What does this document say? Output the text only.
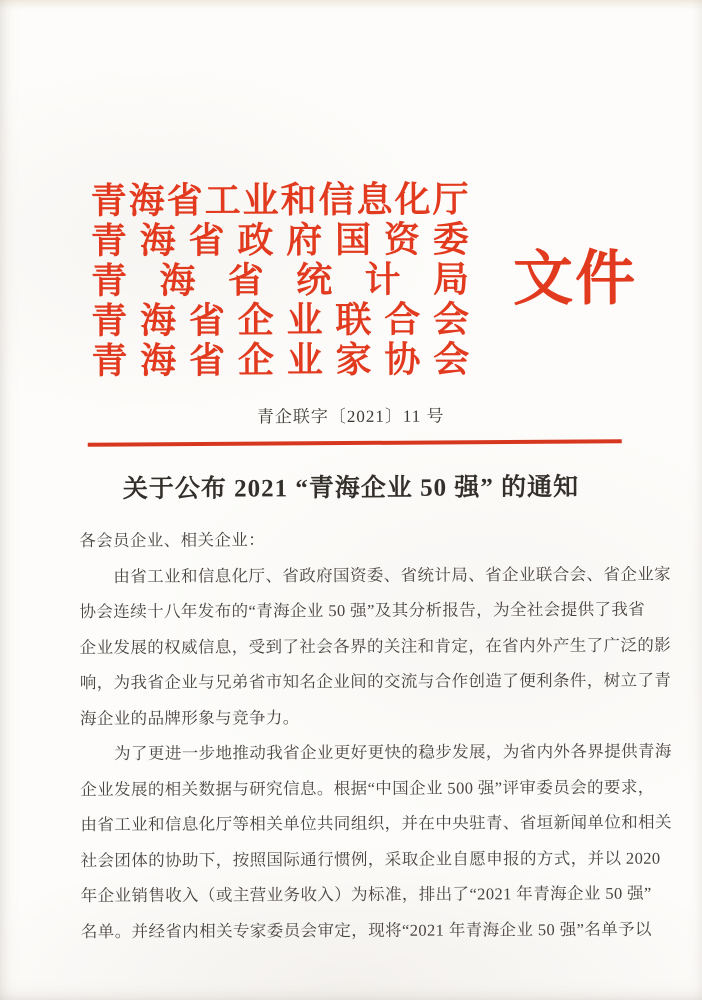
青 海 省 工 业 和 信 息 化 厅
青 海 省 政 府 国 资 委
青 海 省 统 计 局
青 海 省 企 业 联 合 会
青 海 省 企 业 家 协 会
文件
青企联字〔2021〕11 号
关于公布 2021 “青海企业 50 强” 的通知
各会员企业、相关企业：
由省工业和信息化厅、省政府国资委、省统计局、省企业联合会、省企业家
协会连续十八年发布的“青海企业 50 强”及其分析报告，为全社会提供了我省
企业发展的权威信息，受到了社会各界的关注和肯定，在省内外产生了广泛的影
响，为我省企业与兄弟省市知名企业间的交流与合作创造了便利条件，树立了青
海企业的品牌形象与竞争力。
为了更进一步地推动我省企业更好更快的稳步发展，为省内外各界提供青海
企业发展的相关数据与研究信息。根据“中国企业 500 强”评审委员会的要求，
由省工业和信息化厅等相关单位共同组织，并在中央驻青、省垣新闻单位和相关
社会团体的协助下，按照国际通行惯例，采取企业自愿申报的方式，并以 2020
年企业销售收入（或主营业务收入）为标准，排出了“2021 年青海企业 50 强”
名单。并经省内相关专家委员会审定，现将“2021 年青海企业 50 强”名单予以
